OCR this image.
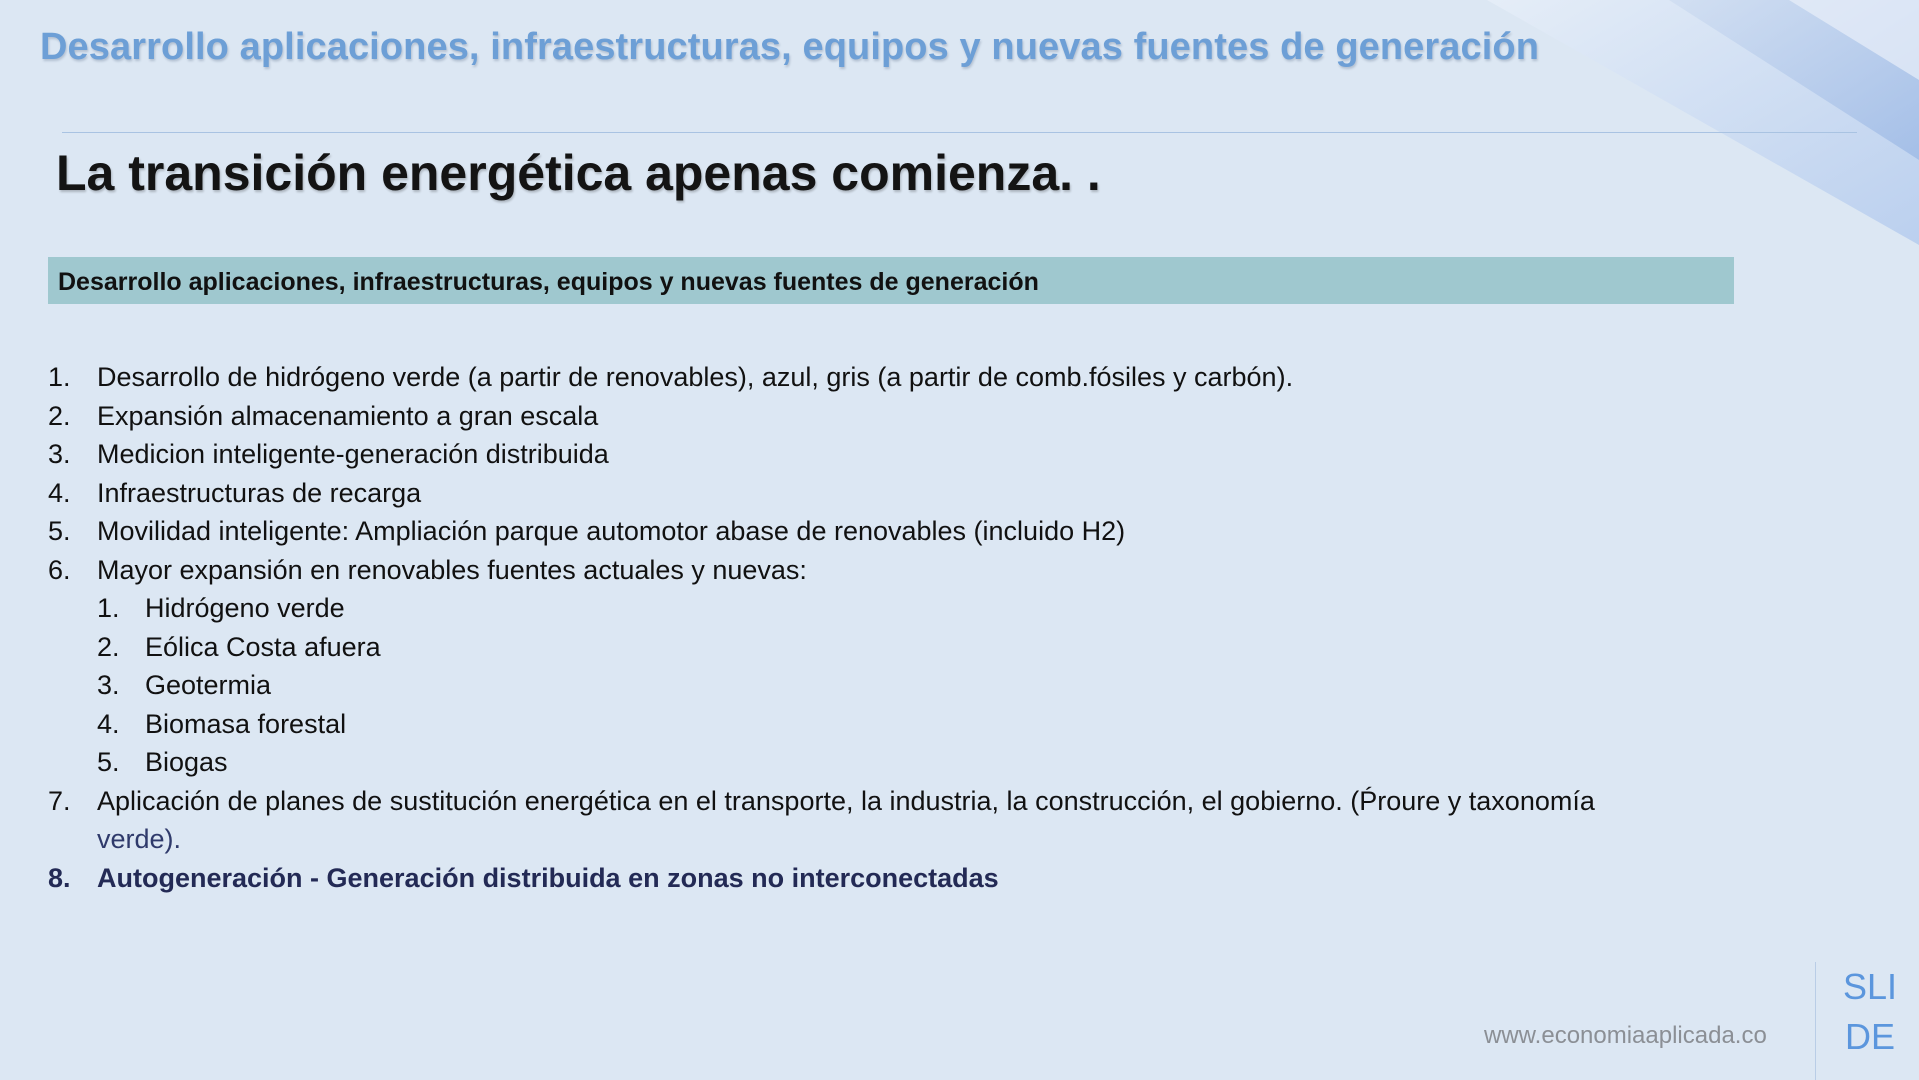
Desarrollo aplicaciones, infraestructuras, equipos y nuevas fuentes de generación
La transición energética apenas comienza. .
Desarrollo aplicaciones, infraestructuras, equipos y nuevas fuentes de generación
1. Desarrollo de hidrógeno verde (a partir de renovables), azul, gris (a partir de comb.fósiles y carbón).
2. Expansión almacenamiento a gran escala
3. Medicion inteligente-generación distribuida
4. Infraestructuras de recarga
5. Movilidad inteligente: Ampliación parque automotor abase de renovables (incluido H2)
6. Mayor expansión en renovables fuentes actuales y nuevas:
1. Hidrógeno verde
2. Eólica Costa afuera
3. Geotermia
4. Biomasa forestal
5. Biogas
7. Aplicación de planes de sustitución energética en el transporte, la industria, la construcción, el gobierno. (Ṕroure y taxonomía
verde).
8. Autogeneración - Generación distribuida en zonas no interconectadas
www.economiaaplicada.co
SLI
DE
